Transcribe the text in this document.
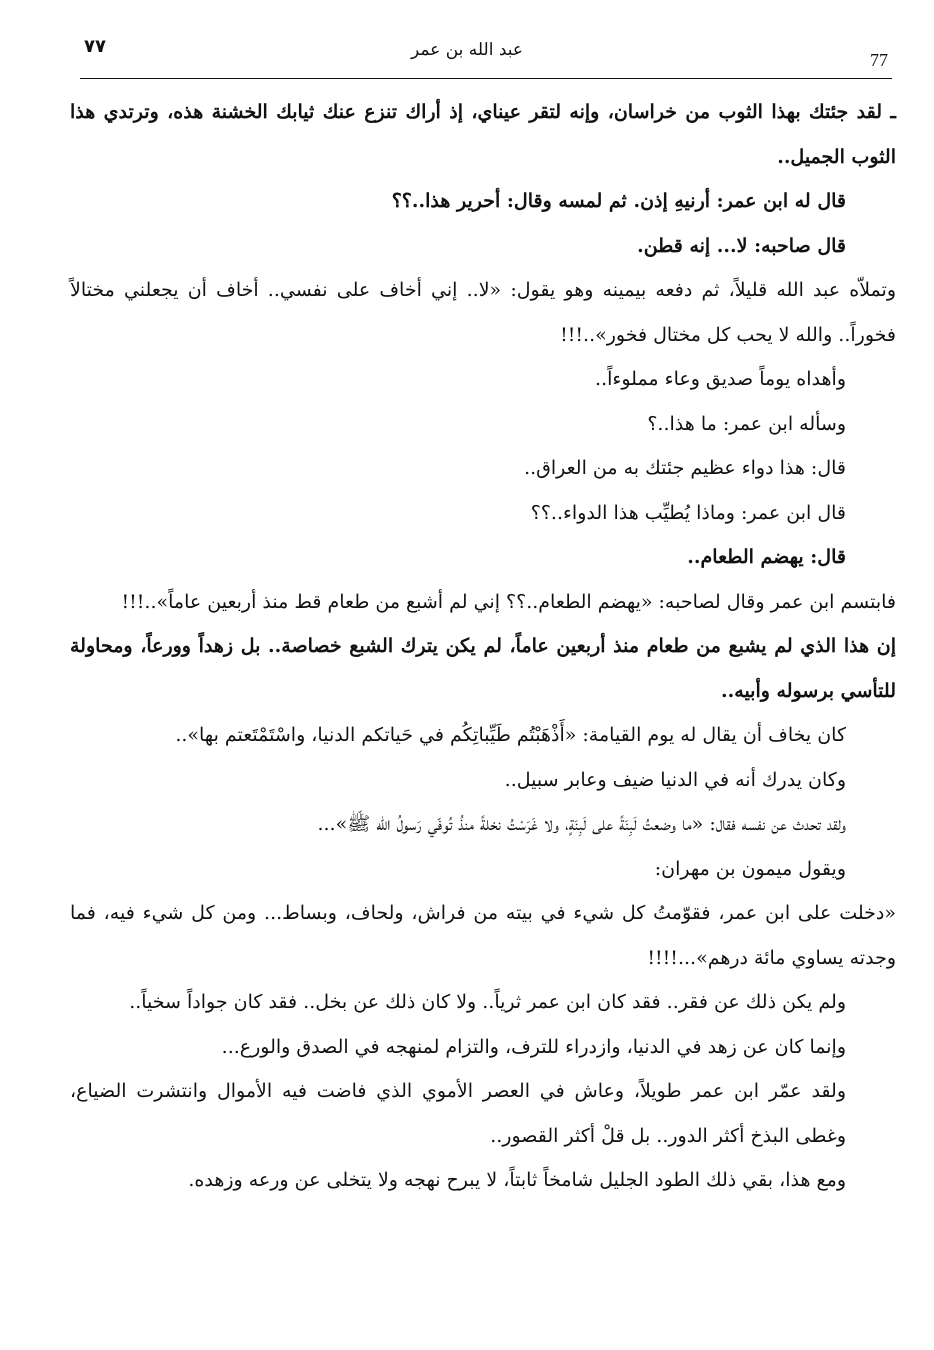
٧٧	عبد الله بن عمر	77

ـ لقد جئتك بهذا الثوب من خراسان، وإنه لتقر عيناي، إذ أراك تنزع عنك ثيابك الخشنة هذه، وترتدي هذا الثوب الجميل..

قال له ابن عمر: أرنيهِ إذن. ثم لمسه وقال: أحرير هذا..؟؟

قال صاحبه: لا... إنه قطن.

وتملاّه عبد الله قليلاً، ثم دفعه بيمينه وهو يقول: «لا.. إني أخاف على نفسي.. أخاف أن يجعلني مختالاً فخوراً.. والله لا يحب كل مختال فخور»..!!!

وأهداه يوماً صديق وعاء مملوءاً..

وسأله ابن عمر: ما هذا..؟

قال: هذا دواء عظيم جئتك به من العراق..

قال ابن عمر: وماذا يُطيِّب هذا الدواء..؟؟

قال: يهضم الطعام..

فابتسم ابن عمر وقال لصاحبه: «يهضم الطعام..؟؟ إني لم أشبع من طعام قط منذ أربعين عاماً»..!!!

إن هذا الذي لم يشبع من طعام منذ أربعين عاماً، لم يكن يترك الشبع خصاصة.. بل زهداً وورعاً، ومحاولة للتأسي برسوله وأبيه..

كان يخاف أن يقال له يوم القيامة: «أَذْهَبْتُم طَيِّباتِكُم في حَياتكم الدنيا، واسْتَمْتَعتم بها»..

وكان يدرك أنه في الدنيا ضيف وعابر سبيل..

ولقد تحدث عن نفسه فقال: «ما وضعتُ لَبِنَةً على لَبِنَةٍ، ولا غَرَسْتُ نخلةً منذُ تُوفّي رَسولُ الله ﷺ»...

ويقول ميمون بن مهران:

«دخلت على ابن عمر، فقوّمتُ كل شيء في بيته من فراش، ولحاف، وبساط... ومن كل شيء فيه، فما وجدته يساوي مائة درهم»...!!!!

ولم يكن ذلك عن فقر.. فقد كان ابن عمر ثرياً.. ولا كان ذلك عن بخل.. فقد كان جواداً سخياً..

وإنما كان عن زهد في الدنيا، وازدراء للترف، والتزام لمنهجه في الصدق والورع...

ولقد عمّر ابن عمر طويلاً، وعاش في العصر الأموي الذي فاضت فيه الأموال وانتشرت الضياع، وغطى البذخ أكثر الدور.. بل قلْ أكثر القصور..

ومع هذا، بقي ذلك الطود الجليل شامخاً ثابتاً، لا يبرح نهجه ولا يتخلى عن ورعه وزهده.
